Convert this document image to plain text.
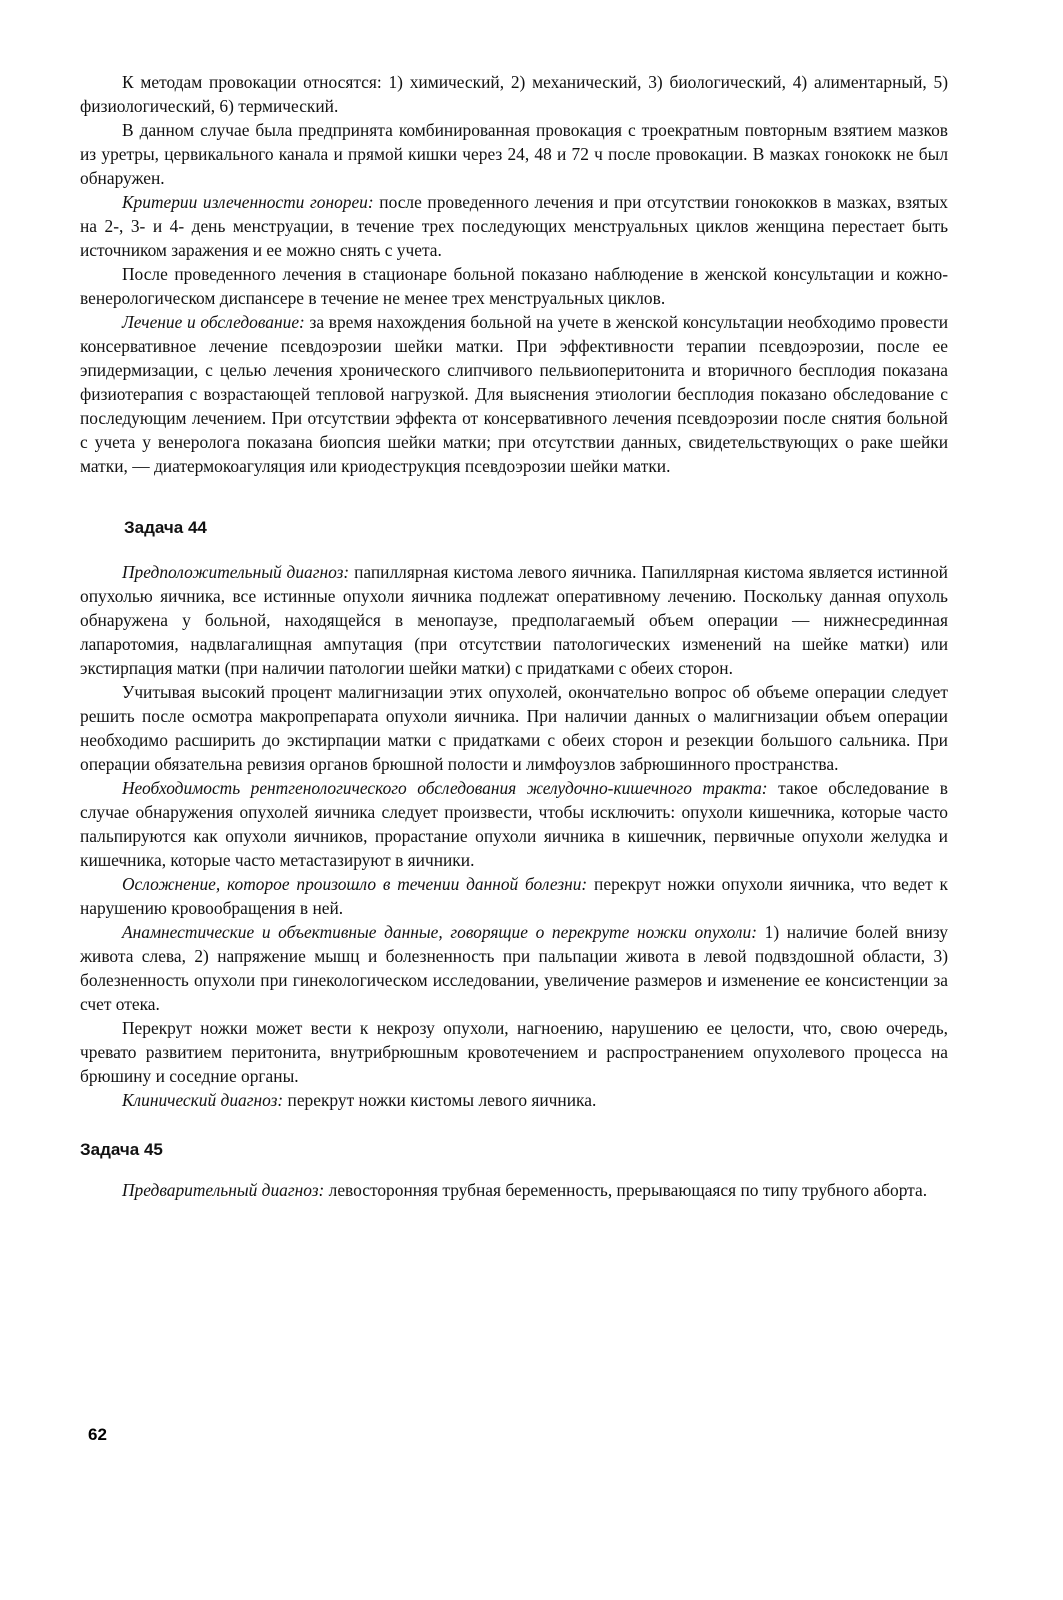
К методам провокации относятся: 1) химический, 2) механический, 3) биологический, 4) алиментарный, 5) физиологический, 6) термический.

В данном случае была предпринята комбинированная провокация с троекратным повторным взятием мазков из уретры, цервикального канала и прямой кишки через 24, 48 и 72 ч после провокации. В мазках гонококк не был обнаружен.

Критерии излеченности гонореи: после проведенного лечения и при отсутствии гонококков в мазках, взятых на 2-, 3- и 4- день менструации, в течение трех последующих менструальных циклов женщина перестает быть источником заражения и ее можно снять с учета.

После проведенного лечения в стационаре больной показано наблюдение в женской консультации и кожно-венерологическом диспансере в течение не менее трех менструальных циклов.

Лечение и обследование: за время нахождения больной на учете в женской консультации необходимо провести консервативное лечение псевдоэрозии шейки матки. При эффективности терапии псевдоэрозии, после ее эпидермизации, с целью лечения хронического слипчивого пельвиоперитонита и вторичного бесплодия показана физиотерапия с возрастающей тепловой нагрузкой. Для выяснения этиологии бесплодия показано обследование с последующим лечением. При отсутствии эффекта от консервативного лечения псевдоэрозии после снятия больной с учета у венеролога показана биопсия шейки матки; при отсутствии данных, свидетельствующих о раке шейки матки, — диатермокоагуляция или криодеструкция псевдоэрозии шейки матки.

Задача 44

Предположительный диагноз: папиллярная кистома левого яичника. Папиллярная кистома является истинной опухолью яичника, все истинные опухоли яичника подлежат оперативному лечению. Поскольку данная опухоль обнаружена у больной, находящейся в менопаузе, предполагаемый объем операции — нижнесрединная лапаротомия, надвлагалищная ампутация (при отсутствии патологических изменений на шейке матки) или экстирпация матки (при наличии патологии шейки матки) с придатками с обеих сторон.

Учитывая высокий процент малигнизации этих опухолей, окончательно вопрос об объеме операции следует решить после осмотра макропрепарата опухоли яичника. При наличии данных о малигнизации объем операции необходимо расширить до экстирпации матки с придатками с обеих сторон и резекции большого сальника. При операции обязательна ревизия органов брюшной полости и лимфоузлов забрюшинного пространства.

Необходимость рентгенологического обследования желудочно-кишечного тракта: такое обследование в случае обнаружения опухолей яичника следует произвести, чтобы исключить: опухоли кишечника, которые часто пальпируются как опухоли яичников, прорастание опухоли яичника в кишечник, первичные опухоли желудка и кишечника, которые часто метастазируют в яичники.

Осложнение, которое произошло в течении данной болезни: перекрут ножки опухоли яичника, что ведет к нарушению кровообращения в ней.

Анамнестические и объективные данные, говорящие о перекруте ножки опухоли: 1) наличие болей внизу живота слева, 2) напряжение мышц и болезненность при пальпации живота в левой подвздошной области, 3) болезненность опухоли при гинекологическом исследовании, увеличение размеров и изменение ее консистенции за счет отека.

Перекрут ножки может вести к некрозу опухоли, нагноению, нарушению ее целости, что, свою очередь, чревато развитием перитонита, внутрибрюшным кровотечением и распространением опухолевого процесса на брюшину и соседние органы.

Клинический диагноз: перекрут ножки кистомы левого яичника.

Задача 45

Предварительный диагноз: левосторонняя трубная беременность, прерывающаяся по типу трубного аборта.

62
